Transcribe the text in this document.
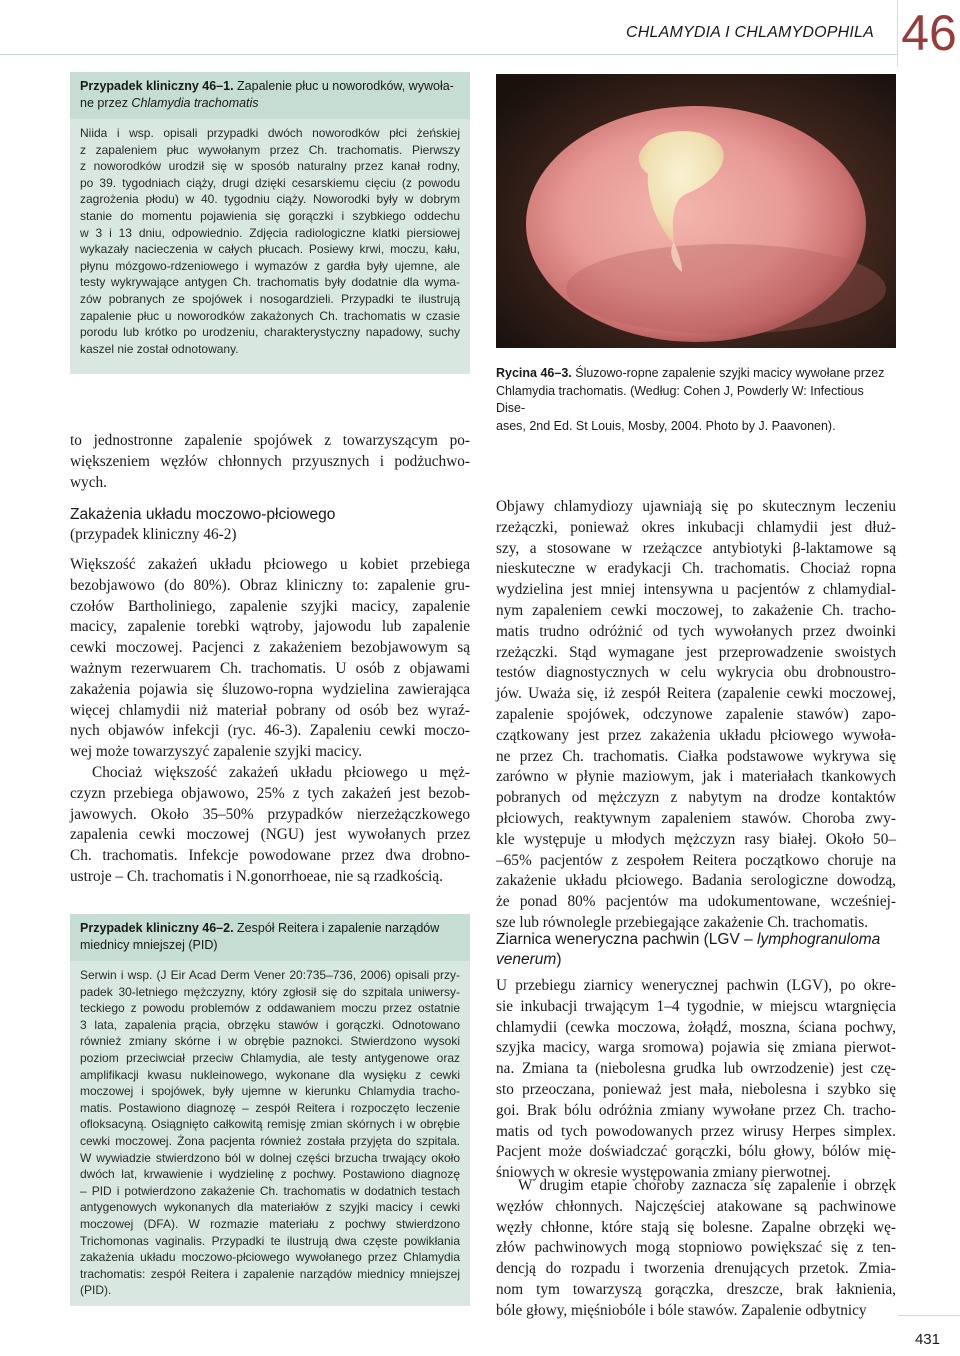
CHLAMYDIA I CHLAMYDOPHILA 46
Przypadek kliniczny 46–1. Zapalenie płuc u noworodków, wywoła-
ne przez Chlamydia trachomatis
Niida i wsp. opisali przypadki dwóch noworodków płci żeńskiej
z zapaleniem płuc wywołanym przez Ch. trachomatis. Pierwszy
z noworodków urodził się w sposób naturalny przez kanał rodny,
po 39. tygodniach ciąży, drugi dzięki cesarskiemu cięciu (z powodu
zagrożenia płodu) w 40. tygodniu ciąży. Noworodki były w dobrym
stanie do momentu pojawienia się gorączki i szybkiego oddechu
w 3 i 13 dniu, odpowiednio. Zdjęcia radiologiczne klatki piersiowej
wykazały nacieczenia w całych płucach. Posiewy krwi, moczu, kału,
płynu mózgowo-rdzeniowego i wymazów z gardła były ujemne, ale
testy wykrywające antygen Ch. trachomatis były dodatnie dla wyma-
zów pobranych ze spojówek i nosogardzieli. Przypadki te ilustrują
zapalenie płuc u noworodków zakażonych Ch. trachomatis w czasie
porodu lub krótko po urodzeniu, charakterystyczny napadowy, suchy
kaszel nie został odnotowany.
Rycina 46–3. Śluzowo-ropne zapalenie szyjki macicy wywołane przez
Chlamydia trachomatis. (Według: Cohen J, Powderly W: Infectious Dise-
ases, 2nd Ed. St Louis, Mosby, 2004. Photo by J. Paavonen).
to jednostronne zapalenie spojówek z towarzyszącym po-
większeniem węzłów chłonnych przyusznych i podżuchwo-
wych.
Zakażenia układu moczowo-płciowego
(przypadek kliniczny 46-2)
Większość zakażeń układu płciowego u kobiet przebiega
bezobjawowo (do 80%). Obraz kliniczny to: zapalenie gru-
czołów Bartholiniego, zapalenie szyjki macicy, zapalenie
macicy, zapalenie torebki wątroby, jajowodu lub zapalenie
cewki moczowej. Pacjenci z zakażeniem bezobjawowym są
ważnym rezerwuarem Ch. trachomatis. U osób z objawami
zakażenia pojawia się śluzowo-ropna wydzielina zawierająca
więcej chlamydii niż materiał pobrany od osób bez wyraź-
nych objawów infekcji (ryc. 46-3). Zapaleniu cewki moczo-
wej może towarzyszyć zapalenie szyjki macicy.
Chociaż większość zakażeń układu płciowego u męż-
czyzn przebiega objawowo, 25% z tych zakażeń jest bezob-
jawowych. Około 35–50% przypadków nierzeżączkowego
zapalenia cewki moczowej (NGU) jest wywołanych przez
Ch. trachomatis. Infekcje powodowane przez dwa drobno-
ustroje – Ch. trachomatis i N.gonorrhoeae, nie są rzadkością.
Przypadek kliniczny 46–2. Zespół Reitera i zapalenie narządów
miednicy mniejszej (PID)
Serwin i wsp. (J Eir Acad Derm Vener 20:735–736, 2006) opisali przy-
padek 30-letniego mężczyzny, który zgłosił się do szpitala uniwersy-
teckiego z powodu problemów z oddawaniem moczu przez ostatnie
3 lata, zapalenia prącia, obrzęku stawów i gorączki. Odnotowano
również zmiany skórne i w obrębie paznokci. Stwierdzono wysoki
poziom przeciwciał przeciw Chlamydia, ale testy antygenowe oraz
amplifikacji kwasu nukleinowego, wykonane dla wysięku z cewki
moczowej i spojówek, były ujemne w kierunku Chlamydia tracho-
matis. Postawiono diagnozę – zespół Reitera i rozpoczęto leczenie
ofloksacyną. Osiągnięto całkowitą remisję zmian skórnych i w obrębie
cewki moczowej. Żona pacjenta również została przyjęta do szpitala.
W wywiadzie stwierdzono ból w dolnej części brzucha trwający około
dwóch lat, krwawienie i wydzielinę z pochwy. Postawiono diagnozę
– PID i potwierdzono zakażenie Ch. trachomatis w dodatnich testach
antygenowych wykonanych dla materiałów z szyjki macicy i cewki
moczowej (DFA). W rozmazie materiału z pochwy stwierdzono
Trichomonas vaginalis. Przypadki te ilustrują dwa częste powikłania
zakażenia układu moczowo-płciowego wywołanego przez Chlamydia
trachomatis: zespół Reitera i zapalenie narządów miednicy mniejszej
(PID).
Objawy chlamydiozy ujawniają się po skutecznym leczeniu
rzeżączki, ponieważ okres inkubacji chlamydii jest dłuż-
szy, a stosowane w rzeżączce antybiotyki β-laktamowe są
nieskuteczne w eradykacji Ch. trachomatis. Chociaż ropna
wydzielina jest mniej intensywna u pacjentów z chlamydial-
nym zapaleniem cewki moczowej, to zakażenie Ch. tracho-
matis trudno odróżnić od tych wywołanych przez dwoinki
rzeżączki. Stąd wymagane jest przeprowadzenie swoistych
testów diagnostycznych w celu wykrycia obu drobnoustro-
jów. Uważa się, iż zespół Reitera (zapalenie cewki moczowej,
zapalenie spojówek, odczynowe zapalenie stawów) zapo-
czątkowany jest przez zakażenia układu płciowego wywoła-
ne przez Ch. trachomatis. Ciałka podstawowe wykrywa się
zarówno w płynie maziowym, jak i materiałach tkankowych
pobranych od mężczyzn z nabytym na drodze kontaktów
płciowych, reaktywnym zapaleniem stawów. Choroba zwy-
kle występuje u młodych mężczyzn rasy białej. Około 50–
–65% pacjentów z zespołem Reitera początkowo choruje na
zakażenie układu płciowego. Badania serologiczne dowodzą,
że ponad 80% pacjentów ma udokumentowane, wcześniej-
sze lub równolegle przebiegające zakażenie Ch. trachomatis.
Ziarnica weneryczna pachwin (LGV – lymphogranuloma
venerum)
U przebiegu ziarnicy wenerycznej pachwin (LGV), po okre-
sie inkubacji trwającym 1–4 tygodnie, w miejscu wtargnięcia
chlamydii (cewka moczowa, żołądź, moszna, ściana pochwy,
szyjka macicy, warga sromowa) pojawia się zmiana pierwot-
na. Zmiana ta (niebolesna grudka lub owrzodzenie) jest czę-
sto przeoczana, ponieważ jest mała, niebolesna i szybko się
goi. Brak bólu odróżnia zmiany wywołane przez Ch. tracho-
matis od tych powodowanych przez wirusy Herpes simplex.
Pacjent może doświadczać gorączki, bólu głowy, bólów mię-
śniowych w okresie występowania zmiany pierwotnej.
W drugim etapie choroby zaznacza się zapalenie i obrzęk
węzłów chłonnych. Najczęściej atakowane są pachwinowe
węzły chłonne, które stają się bolesne. Zapalne obrzęki wę-
złów pachwinowych mogą stopniowo powiększać się z ten-
dencją do rozpadu i tworzenia drenujących przetok. Zmia-
nom tym towarzyszą gorączka, dreszcze, brak łaknienia,
bóle głowy, mięśniobóle i bóle stawów. Zapalenie odbytnicy
431
